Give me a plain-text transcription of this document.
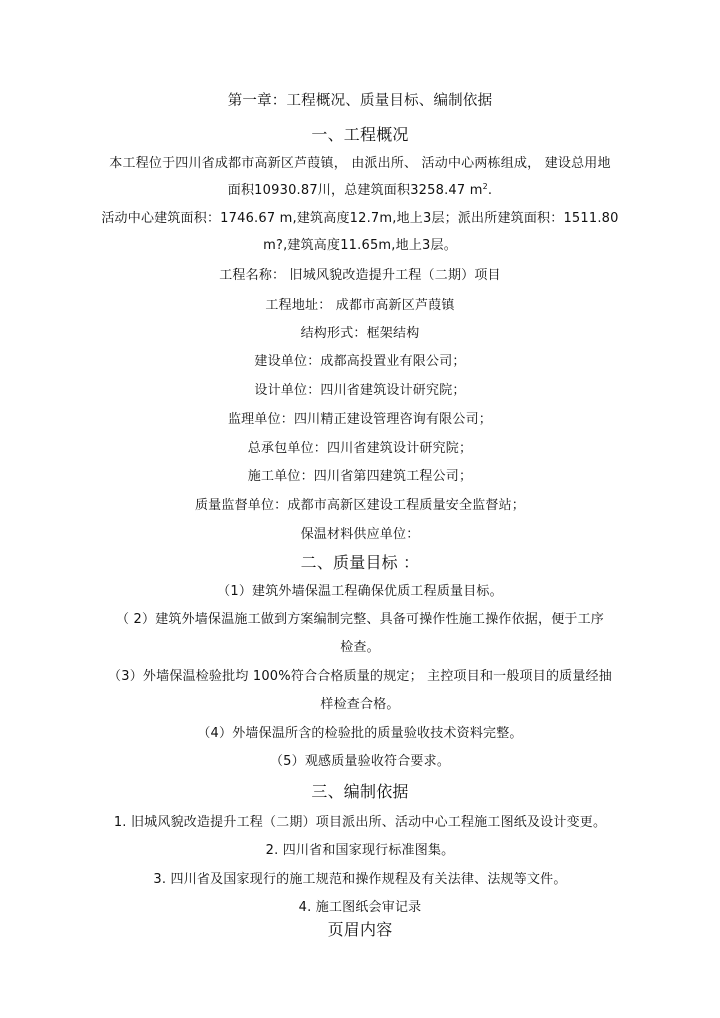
第一章：工程概况、质量目标、编制依据
一、工程概况
本工程位于四川省成都市高新区芦葭镇， 由派出所、 活动中心两栋组成， 建设总用地
面积10930.87川，总建筑面积3258.47 $m^2$.
活动中心建筑面积：1746.67 m,建筑高度12.7m,地上3层；派出所建筑面积：1511.80
m?,建筑高度11.65m,地上3层。
工程名称： 旧城风貌改造提升工程（二期）项目
工程地址： 成都市高新区芦葭镇
结构形式：框架结构
建设单位：成都高投置业有限公司；
设计单位：四川省建筑设计研究院；
监理单位：四川精正建设管理咨询有限公司；
总承包单位：四川省建筑设计研究院；
施工单位：四川省第四建筑工程公司；
质量监督单位：成都市高新区建设工程质量安全监督站；
保温材料供应单位：
二、质量目标 ：
（1）建筑外墙保温工程确保优质工程质量目标。
（ 2）建筑外墙保温施工做到方案编制完整、具备可操作性施工操作依据，便于工序
检查。
（3）外墙保温检验批均 100%符合合格质量的规定； 主控项目和一般项目的质量经抽
样检查合格。
（4）外墙保温所含的检验批的质量验收技术资料完整。
（5）观感质量验收符合要求。
三、编制依据
1. 旧城风貌改造提升工程（二期）项目派出所、活动中心工程施工图纸及设计变更。
2. 四川省和国家现行标准图集。
3. 四川省及国家现行的施工规范和操作规程及有关法律、法规等文件。
4. 施工图纸会审记录
页眉内容
